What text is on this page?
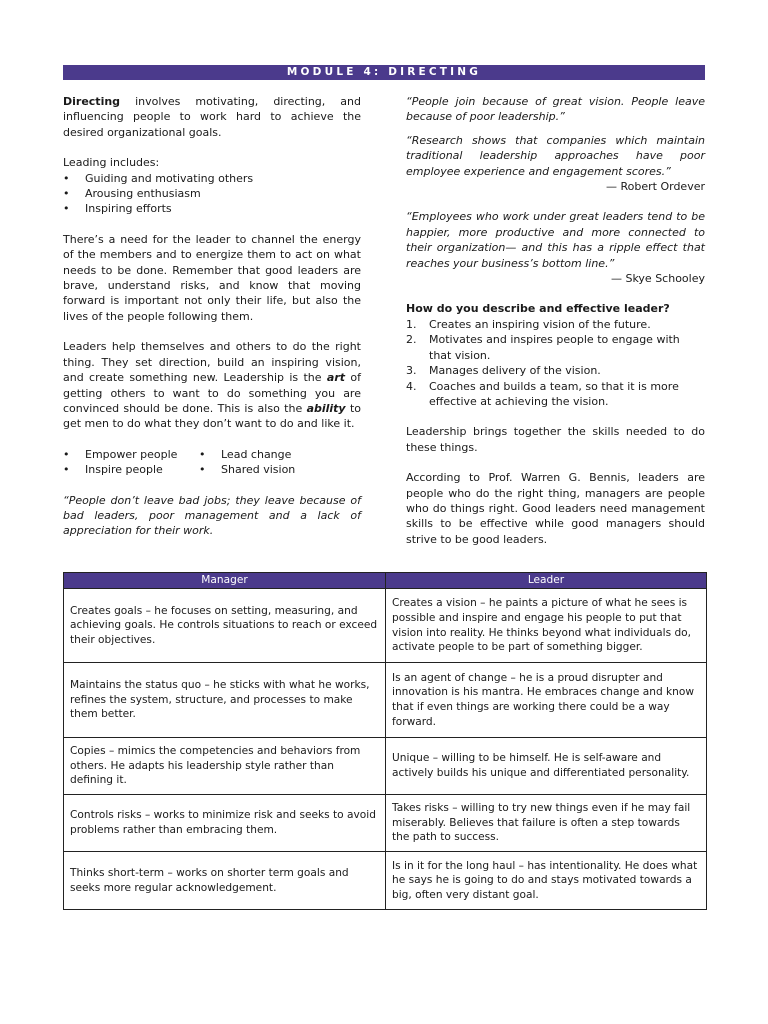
MODULE 4: DIRECTING

Directing involves motivating, directing, and influencing people to work hard to achieve the desired organizational goals.

Leading includes:

• Guiding and motivating others
• Arousing enthusiasm
• Inspiring efforts

There’s a need for the leader to channel the energy of the members and to energize them to act on what needs to be done. Remember that good leaders are brave, understand risks, and know that moving forward is important not only their life, but also the lives of the people following them.

Leaders help themselves and others to do the right thing. They set direction, build an inspiring vision, and create something new. Leadership is the art of getting others to want to do something you are convinced should be done. This is also the ability to get men to do what they don’t want to do and like it.

• Empower people
• Inspire people
• Lead change
• Shared vision

“People don’t leave bad jobs; they leave because of bad leaders, poor management and a lack of appreciation for their work.

“People join because of great vision. People leave because of poor leadership.”

“Research shows that companies which maintain traditional leadership approaches have poor employee experience and engagement scores.”

— Robert Ordever

“Employees who work under great leaders tend to be happier, more productive and more connected to their organization— and this has a ripple effect that reaches your business’s bottom line.”

— Skye Schooley

How do you describe and effective leader?

1. Creates an inspiring vision of the future.
2. Motivates and inspires people to engage with that vision.
3. Manages delivery of the vision.
4. Coaches and builds a team, so that it is more effective at achieving the vision.

Leadership brings together the skills needed to do these things.

According to Prof. Warren G. Bennis, leaders are people who do the right thing, managers are people who do things right. Good leaders need management skills to be effective while good managers should strive to be good leaders.

Manager	Leader
Creates goals – he focuses on setting, measuring, and achieving goals. He controls situations to reach or exceed their objectives.	Creates a vision – he paints a picture of what he sees is possible and inspire and engage his people to put that vision into reality. He thinks beyond what individuals do, activate people to be part of something bigger.
Maintains the status quo – he sticks with what he works, refines the system, structure, and processes to make them better.	Is an agent of change – he is a proud disrupter and innovation is his mantra. He embraces change and know that if even things are working there could be a way forward.
Copies – mimics the competencies and behaviors from others. He adapts his leadership style rather than defining it.	Unique – willing to be himself. He is self-aware and actively builds his unique and differentiated personality.
Controls risks – works to minimize risk and seeks to avoid problems rather than embracing them.	Takes risks – willing to try new things even if he may fail miserably. Believes that failure is often a step towards the path to success.
Thinks short-term – works on shorter term goals and seeks more regular acknowledgement.	Is in it for the long haul – has intentionality. He does what he says he is going to do and stays motivated towards a big, often very distant goal.
